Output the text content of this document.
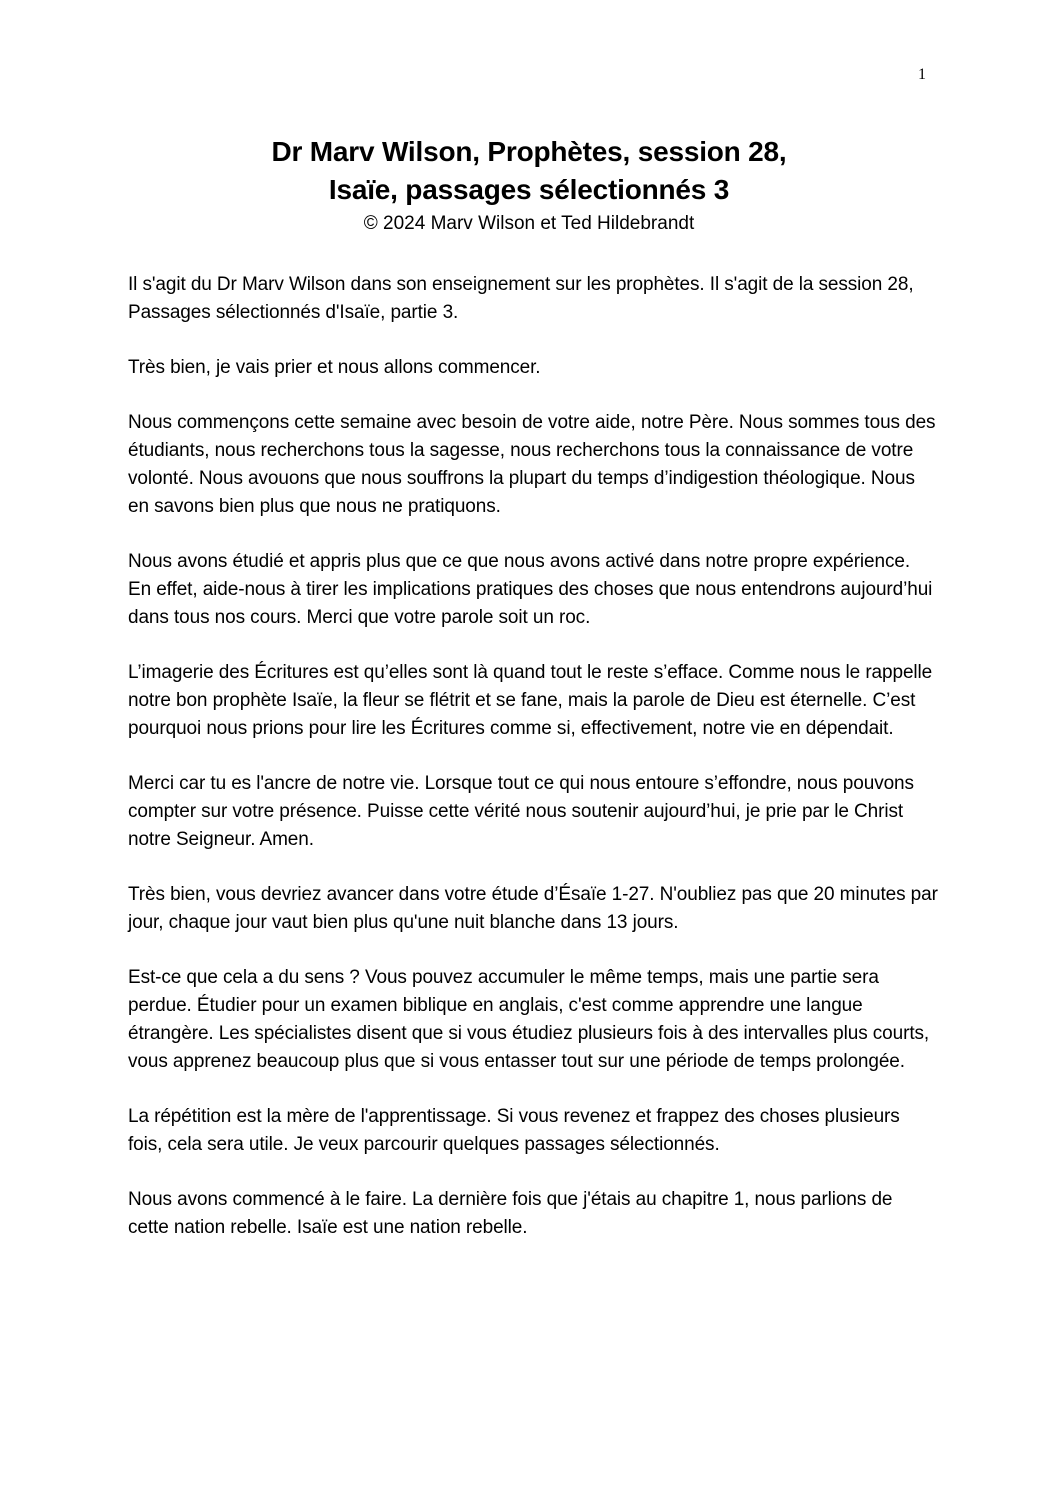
1
Dr Marv Wilson, Prophètes, session 28,
Isaïe, passages sélectionnés 3
© 2024 Marv Wilson et Ted Hildebrandt

Il s'agit du Dr Marv Wilson dans son enseignement sur les prophètes. Il s'agit de la session 28, Passages sélectionnés d'Isaïe, partie 3.

Très bien, je vais prier et nous allons commencer.

Nous commençons cette semaine avec besoin de votre aide, notre Père. Nous sommes tous des étudiants, nous recherchons tous la sagesse, nous recherchons tous la connaissance de votre volonté. Nous avouons que nous souffrons la plupart du temps d’indigestion théologique. Nous en savons bien plus que nous ne pratiquons.

Nous avons étudié et appris plus que ce que nous avons activé dans notre propre expérience. En effet, aide-nous à tirer les implications pratiques des choses que nous entendrons aujourd’hui dans tous nos cours. Merci que votre parole soit un roc.

L’imagerie des Écritures est qu’elles sont là quand tout le reste s’efface. Comme nous le rappelle notre bon prophète Isaïe, la fleur se flétrit et se fane, mais la parole de Dieu est éternelle. C’est pourquoi nous prions pour lire les Écritures comme si, effectivement, notre vie en dépendait.

Merci car tu es l'ancre de notre vie. Lorsque tout ce qui nous entoure s’effondre, nous pouvons compter sur votre présence. Puisse cette vérité nous soutenir aujourd’hui, je prie par le Christ notre Seigneur. Amen.

Très bien, vous devriez avancer dans votre étude d’Ésaïe 1-27. N'oubliez pas que 20 minutes par jour, chaque jour vaut bien plus qu'une nuit blanche dans 13 jours.

Est-ce que cela a du sens ? Vous pouvez accumuler le même temps, mais une partie sera perdue. Étudier pour un examen biblique en anglais, c'est comme apprendre une langue étrangère. Les spécialistes disent que si vous étudiez plusieurs fois à des intervalles plus courts, vous apprenez beaucoup plus que si vous entasser tout sur une période de temps prolongée.

La répétition est la mère de l'apprentissage. Si vous revenez et frappez des choses plusieurs fois, cela sera utile. Je veux parcourir quelques passages sélectionnés.

Nous avons commencé à le faire. La dernière fois que j'étais au chapitre 1, nous parlions de cette nation rebelle. Isaïe est une nation rebelle.
